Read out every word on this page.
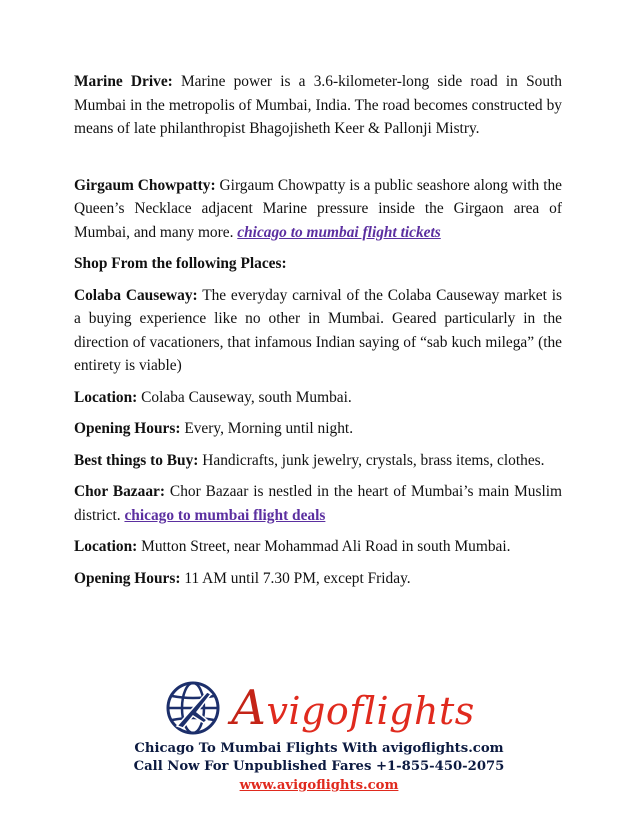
Marine Drive: Marine power is a 3.6-kilometer-long side road in South Mumbai in the metropolis of Mumbai, India. The road becomes constructed by means of late philanthropist Bhagojisheth Keer & Pallonji Mistry.

Girgaum Chowpatty: Girgaum Chowpatty is a public seashore along with the Queen’s Necklace adjacent Marine pressure inside the Girgaon area of Mumbai, and many more. chicago to mumbai flight tickets

Shop From the following Places:

Colaba Causeway: The everyday carnival of the Colaba Causeway market is a buying experience like no other in Mumbai. Geared particularly in the direction of vacationers, that infamous Indian saying of “sab kuch milega” (the entirety is viable)

Location: Colaba Causeway, south Mumbai.

Opening Hours: Every, Morning until night.

Best things to Buy: Handicrafts, junk jewelry, crystals, brass items, clothes.

Chor Bazaar: Chor Bazaar is nestled in the heart of Mumbai’s main Muslim district. chicago to mumbai flight deals

Location: Mutton Street, near Mohammad Ali Road in south Mumbai.

Opening Hours: 11 AM until 7.30 PM, except Friday.

Avigoflights
Chicago To Mumbai Flights With avigoflights.com
Call Now For Unpublished Fares +1-855-450-2075
www.avigoflights.com
